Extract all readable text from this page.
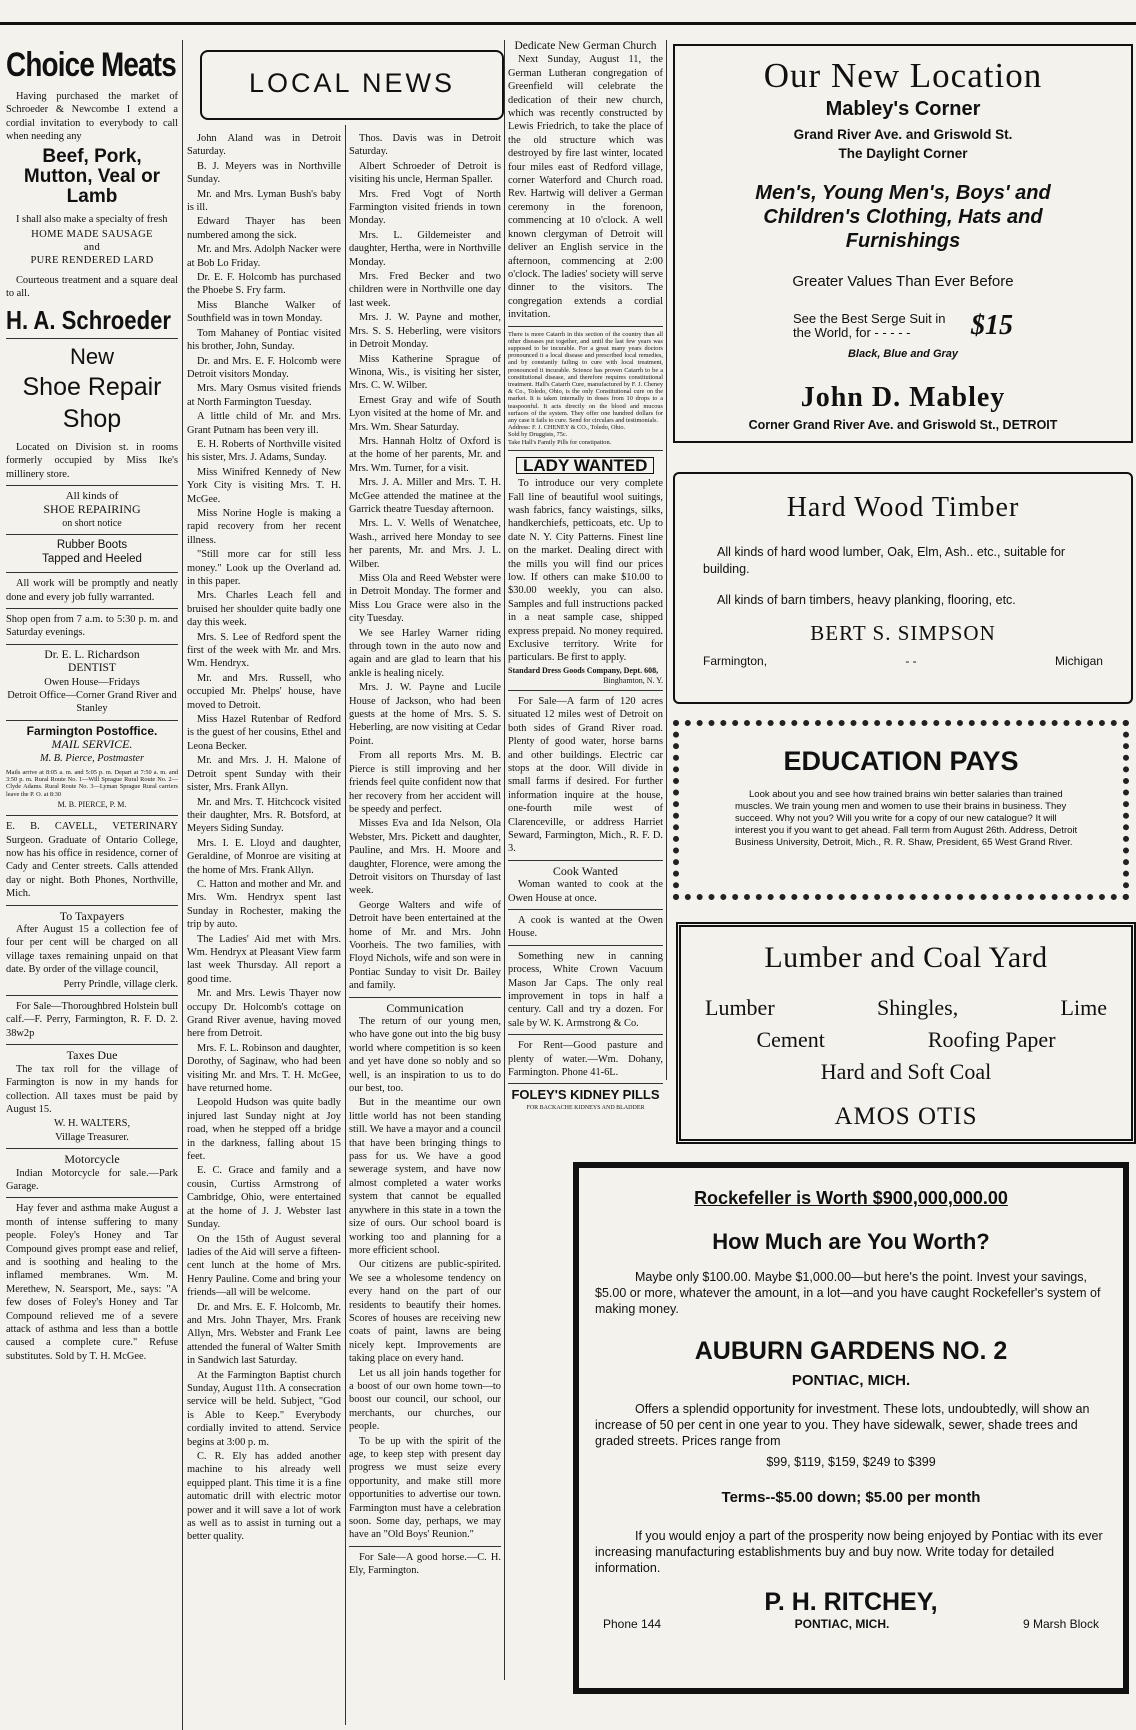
Choice Meats

Having purchased the market of Schroeder & Newcombe I extend a cordial invitation to everybody to call when needing any

Beef, Pork, Mutton, Veal or Lamb

I shall also make a specialty of fresh

HOME MADE SAUSAGE
and
PURE RENDERED LARD

Courteous treatment and a square deal to all.

H. A. Schroeder
New
Shoe Repair
Shop

Located on Division st. in rooms formerly occupied by Miss Ike's millinery store.

All kinds of
SHOE REPAIRING
on short notice
Rubber Boots
Tapped and Heeled

All work will be promptly and neatly done and every job fully warranted.

Shop open from 7 a.m. to 5:30 p. m. and Saturday evenings.

Dr. E. L. Richardson
DENTIST
Owen House—Fridays
Detroit Office—Corner Grand River and Stanley
Farmington Postoffice.
MAIL SERVICE.
M. B. Pierce, Postmaster
Mails arrive at 8:05 a. m. and 5:05 p. m. Depart at 7:50 a. m. and 3:50 p. m. Rural Route No. 1—Will Sprague Rural Route No. 2—Clyde Adams. Rural Route No. 3—Lyman Sprague Rural carriers leave the P. O. at 8:30
M. B. PIERCE, P. M.

E. B. CAVELL, VETERINARY Surgeon. Graduate of Ontario College, now has his office in residence, corner of Cady and Center streets. Calls attended day or night. Both Phones, Northville, Mich.

To Taxpayers

After August 15 a collection fee of four per cent will be charged on all village taxes remaining unpaid on that date. By order of the village council,

Perry Prindle, village clerk.

For Sale—Thoroughbred Holstein bull calf.—F. Perry, Farmington, R. F. D. 2. 38w2p

Taxes Due

The tax roll for the village of Farmington is now in my hands for collection. All taxes must be paid by August 15.

W. H. WALTERS,
Village Treasurer.
Motorcycle

Indian Motorcycle for sale.—Park Garage.

Hay fever and asthma make August a month of intense suffering to many people. Foley's Honey and Tar Compound gives prompt ease and relief, and is soothing and healing to the inflamed membranes. Wm. M. Merethew, N. Searsport, Me., says: "A few doses of Foley's Honey and Tar Compound relieved me of a severe attack of asthma and less than a bottle caused a complete cure." Refuse substitutes. Sold by T. H. McGee.

LOCAL NEWS

John Aland was in Detroit Saturday.

B. J. Meyers was in Northville Sunday.

Mr. and Mrs. Lyman Bush's baby is ill.

Edward Thayer has been numbered among the sick.

Mr. and Mrs. Adolph Nacker were at Bob Lo Friday.

Dr. E. F. Holcomb has purchased the Phoebe S. Fry farm.

Miss Blanche Walker of Southfield was in town Monday.

Tom Mahaney of Pontiac visited his brother, John, Sunday.

Dr. and Mrs. E. F. Holcomb were Detroit visitors Monday.

Mrs. Mary Osmus visited friends at North Farmington Tuesday.

A little child of Mr. and Mrs. Grant Putnam has been very ill.

E. H. Roberts of Northville visited his sister, Mrs. J. Adams, Sunday.

Miss Winifred Kennedy of New York City is visiting Mrs. T. H. McGee.

Miss Norine Hogle is making a rapid recovery from her recent illness.

"Still more car for still less money." Look up the Overland ad. in this paper.

Mrs. Charles Leach fell and bruised her shoulder quite badly one day this week.

Mrs. S. Lee of Redford spent the first of the week with Mr. and Mrs. Wm. Hendryx.

Mr. and Mrs. Russell, who occupied Mr. Phelps' house, have moved to Detroit.

Miss Hazel Rutenbar of Redford is the guest of her cousins, Ethel and Leona Becker.

Mr. and Mrs. J. H. Malone of Detroit spent Sunday with their sister, Mrs. Frank Allyn.

Mr. and Mrs. T. Hitchcock visited their daughter, Mrs. R. Botsford, at Meyers Siding Sunday.

Mrs. I. E. Lloyd and daughter, Geraldine, of Monroe are visiting at the home of Mrs. Frank Allyn.

C. Hatton and mother and Mr. and Mrs. Wm. Hendryx spent last Sunday in Rochester, making the trip by auto.

The Ladies' Aid met with Mrs. Wm. Hendryx at Pleasant View farm last week Thursday. All report a good time.

Mr. and Mrs. Lewis Thayer now occupy Dr. Holcomb's cottage on Grand River avenue, having moved here from Detroit.

Mrs. F. L. Robinson and daughter, Dorothy, of Saginaw, who had been visiting Mr. and Mrs. T. H. McGee, have returned home.

Leopold Hudson was quite badly injured last Sunday night at Joy road, when he stepped off a bridge in the darkness, falling about 15 feet.

E. C. Grace and family and a cousin, Curtiss Armstrong of Cambridge, Ohio, were entertained at the home of J. J. Webster last Sunday.

On the 15th of August several ladies of the Aid will serve a fifteen-cent lunch at the home of Mrs. Henry Pauline. Come and bring your friends—all will be welcome.

Dr. and Mrs. E. F. Holcomb, Mr. and Mrs. John Thayer, Mrs. Frank Allyn, Mrs. Webster and Frank Lee attended the funeral of Walter Smith in Sandwich last Saturday.

At the Farmington Baptist church Sunday, August 11th. A consecration service will be held. Subject, "God is Able to Keep." Everybody cordially invited to attend. Service begins at 3:00 p. m.

C. R. Ely has added another machine to his already well equipped plant. This time it is a fine automatic drill with electric motor power and it will save a lot of work as well as to assist in turning out a better quality.

Thos. Davis was in Detroit Saturday.

Albert Schroeder of Detroit is visiting his uncle, Herman Spaller.

Mrs. Fred Vogt of North Farmington visited friends in town Monday.

Mrs. L. Gildemeister and daughter, Hertha, were in Northville Monday.

Mrs. Fred Becker and two children were in Northville one day last week.

Mrs. J. W. Payne and mother, Mrs. S. S. Heberling, were visitors in Detroit Monday.

Miss Katherine Sprague of Winona, Wis., is visiting her sister, Mrs. C. W. Wilber.

Ernest Gray and wife of South Lyon visited at the home of Mr. and Mrs. Wm. Shear Saturday.

Mrs. Hannah Holtz of Oxford is at the home of her parents, Mr. and Mrs. Wm. Turner, for a visit.

Mrs. J. A. Miller and Mrs. T. H. McGee attended the matinee at the Garrick theatre Tuesday afternoon.

Mrs. L. V. Wells of Wenatchee, Wash., arrived here Monday to see her parents, Mr. and Mrs. J. L. Wilber.

Miss Ola and Reed Webster were in Detroit Monday. The former and Miss Lou Grace were also in the city Tuesday.

We see Harley Warner riding through town in the auto now and again and are glad to learn that his ankle is healing nicely.

Mrs. J. W. Payne and Lucile House of Jackson, who had been guests at the home of Mrs. S. S. Heberling, are now visiting at Cedar Point.

From all reports Mrs. M. B. Pierce is still improving and her friends feel quite confident now that her recovery from her accident will be speedy and perfect.

Misses Eva and Ida Nelson, Ola Webster, Mrs. Pickett and daughter, Pauline, and Mrs. H. Moore and daughter, Florence, were among the Detroit visitors on Thursday of last week.

George Walters and wife of Detroit have been entertained at the home of Mr. and Mrs. John Voorheis. The two families, with Floyd Nichols, wife and son were in Pontiac Sunday to visit Dr. Bailey and family.

Communication

The return of our young men, who have gone out into the big busy world where competition is so keen and yet have done so nobly and so well, is an inspiration to us to do our best, too.

But in the meantime our own little world has not been standing still. We have a mayor and a council that have been bringing things to pass for us. We have a good sewerage system, and have now almost completed a water works system that cannot be equalled anywhere in this state in a town the size of ours. Our school board is working too and planning for a more efficient school.

Our citizens are public-spirited. We see a wholesome tendency on every hand on the part of our residents to beautify their homes. Scores of houses are receiving new coats of paint, lawns are being nicely kept. Improvements are taking place on every hand.

Let us all join hands together for a boost of our own home town—to boost our council, our school, our merchants, our churches, our people.

To be up with the spirit of the age, to keep step with present day progress we must seize every opportunity, and make still more opportunities to advertise our town. Farmington must have a celebration soon. Some day, perhaps, we may have an "Old Boys' Reunion."

For Sale—A good horse.—C. H. Ely, Farmington.

Dedicate New German Church

Next Sunday, August 11, the German Lutheran congregation of Greenfield will celebrate the dedication of their new church, which was recently constructed by Lewis Friedrich, to take the place of the old structure which was destroyed by fire last winter, located four miles east of Redford village, corner Waterford and Church road. Rev. Hartwig will deliver a German ceremony in the forenoon, commencing at 10 o'clock. A well known clergyman of Detroit will deliver an English service in the afternoon, commencing at 2:00 o'clock. The ladies' society will serve dinner to the visitors. The congregation extends a cordial invitation.

There is more Catarrh in this section of the country than all other diseases put together, and until the last few years was supposed to be incurable. For a great many years doctors pronounced it a local disease and prescribed local remedies, and by constantly failing to cure with local treatment, pronounced it incurable. Science has proven Catarrh to be a constitutional disease, and therefore requires constitutional treatment. Hall's Catarrh Cure, manufactured by F. J. Cheney & Co., Toledo, Ohio, is the only Constitutional cure on the market. It is taken internally in doses from 10 drops to a teaspoonful. It acts directly on the blood and mucous surfaces of the system. They offer one hundred dollars for any case it fails to cure. Send for circulars and testimonials.
Address: F. J. CHENEY & CO., Toledo, Ohio.
Sold by Druggists, 75c.
Take Hall's Family Pills for constipation.
LADY WANTED

To introduce our very complete Fall line of beautiful wool suitings, wash fabrics, fancy waistings, silks, handkerchiefs, petticoats, etc. Up to date N. Y. City Patterns. Finest line on the market. Dealing direct with the mills you will find our prices low. If others can make $10.00 to $30.00 weekly, you can also. Samples and full instructions packed in a neat sample case, shipped express prepaid. No money required. Exclusive territory. Write for particulars. Be first to apply.

Standard Dress Goods Company, Dept. 608,
Binghamton, N. Y.

For Sale—A farm of 120 acres situated 12 miles west of Detroit on both sides of Grand River road. Plenty of good water, horse barns and other buildings. Electric car stops at the door. Will divide in small farms if desired. For further information inquire at the house, one-fourth mile west of Clarenceville, or address Harriet Seward, Farmington, Mich., R. F. D. 3.

Cook Wanted

Woman wanted to cook at the Owen House at once.

A cook is wanted at the Owen House.

Something new in canning process, White Crown Vacuum Mason Jar Caps. The only real improvement in tops in half a century. Call and try a dozen. For sale by W. K. Armstrong & Co.

For Rent—Good pasture and plenty of water.—Wm. Dohany, Farmington. Phone 41-6L.

FOLEY'S KIDNEY PILLS
FOR BACKACHE KIDNEYS AND BLADDER
Our New Location
Mabley's Corner
Grand River Ave. and Griswold St.
The Daylight Corner
Men's, Young Men's, Boys' and Children's Clothing, Hats and Furnishings
Greater Values Than Ever Before
See the Best Serge Suit in the World, for - - - - -	$15
Black, Blue and Gray
John D. Mabley
Corner Grand River Ave. and Griswold St., DETROIT
Hard Wood Timber
All kinds of hard wood lumber, Oak, Elm, Ash.. etc., suitable for building.
All kinds of barn timbers, heavy planking, flooring, etc.
BERT S. SIMPSON
Farmington,	- -	Michigan
EDUCATION PAYS
Look about you and see how trained brains win better salaries than trained muscles. We train young men and women to use their brains in business. They succeed. Why not you? Will you write for a copy of our new catalogue? It will interest you if you want to get ahead. Fall term from August 26th. Address, Detroit Business University, Detroit, Mich., R. R. Shaw, President, 65 West Grand River.
Lumber and Coal Yard
Lumber	Shingles,	Lime
Cement	Roofing Paper
Hard and Soft Coal
AMOS OTIS
Rockefeller is Worth $900,000,000.00
How Much are You Worth?
Maybe only $100.00. Maybe $1,000.00—but here's the point. Invest your savings, $5.00 or more, whatever the amount, in a lot—and you have caught Rockefeller's system of making money.
AUBURN GARDENS NO. 2
PONTIAC, MICH.
Offers a splendid opportunity for investment. These lots, undoubtedly, will show an increase of 50 per cent in one year to you. They have sidewalk, sewer, shade trees and graded streets. Prices range from
$99, $119, $159, $249 to $399
Terms--$5.00 down; $5.00 per month
If you would enjoy a part of the prosperity now being enjoyed by Pontiac with its ever increasing manufacturing establishments buy and buy now. Write today for detailed information.
P. H. RITCHEY,
Phone 144	PONTIAC, MICH.	9 Marsh Block
